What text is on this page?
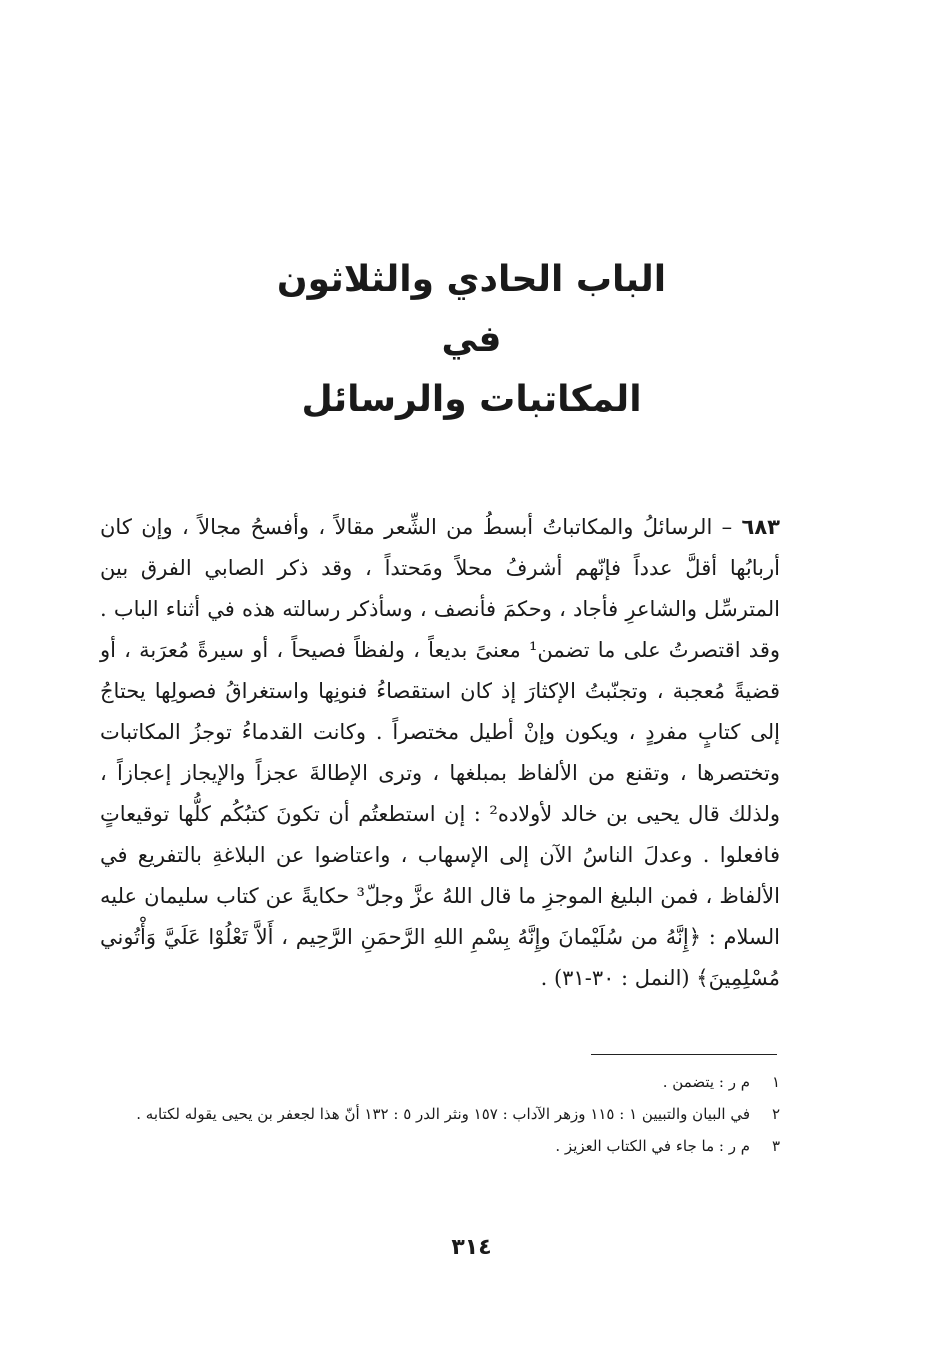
الباب الحادي والثلاثون

في

المكاتبات والرسائل

٦٨٣ – الرسائلُ والمكاتباتُ أبسطُ من الشِّعر مقالاً ، وأفسحُ مجالاً ، وإن كان أربابُها أقلَّ عدداً فإنّهم أشرفُ محلاً ومَحتداً ، وقد ذكر الصابي الفرق بين المترسِّل والشاعرِ فأجاد ، وحكمَ فأنصف ، وسأذكر رسالته هذه في أثناء الباب . وقد اقتصرتُ على ما تضمن¹ معنىً بديعاً ، ولفظاً فصيحاً ، أو سيرةً مُعرَبة ، أو قضيةً مُعجبة ، وتجنّبتُ الإكثارَ إذ كان استقصاءُ فنونِها واستغراقُ فصولِها يحتاجُ إلى كتابٍ مفردٍ ، ويكون وإنْ أطيل مختصراً . وكانت القدماءُ توجزُ المكاتبات وتختصرها ، وتقنع من الألفاظ بمبلغها ، وترى الإطالةَ عجزاً والإيجاز إعجازاً ، ولذلك قال يحيى بن خالد لأولاده² : إن استطعتُم أن تكونَ كتبُكُم كلُّها توقيعاتٍ فافعلوا . وعدلَ الناسُ الآن إلى الإسهاب ، واعتاضوا عن البلاغةِ بالتفريع في الألفاظ ، فمن البليغ الموجزِ ما قال اللهُ عزَّ وجلّ³ حكايةً عن كتاب سليمان عليه السلام : ﴿إِنَّهُ من سُلَيْمانَ وإِنَّهُ بِسْمِ اللهِ الرَّحمَنِ الرَّحِيم ، أَلاَّ تَعْلُوْا عَلَيَّ وَأْتُوني مُسْلِمِينَ﴾ (النمل : ٣٠-٣١) .
١
م ر : يتضمن .
٢
في البيان والتبيين ١ : ١١٥ وزهر الآداب : ١٥٧ ونثر الدر ٥ : ١٣٢ أنّ هذا لجعفر بن يحيى يقوله لكتابه .
٣
م ر : ما جاء في الكتاب العزيز .
٣١٤
